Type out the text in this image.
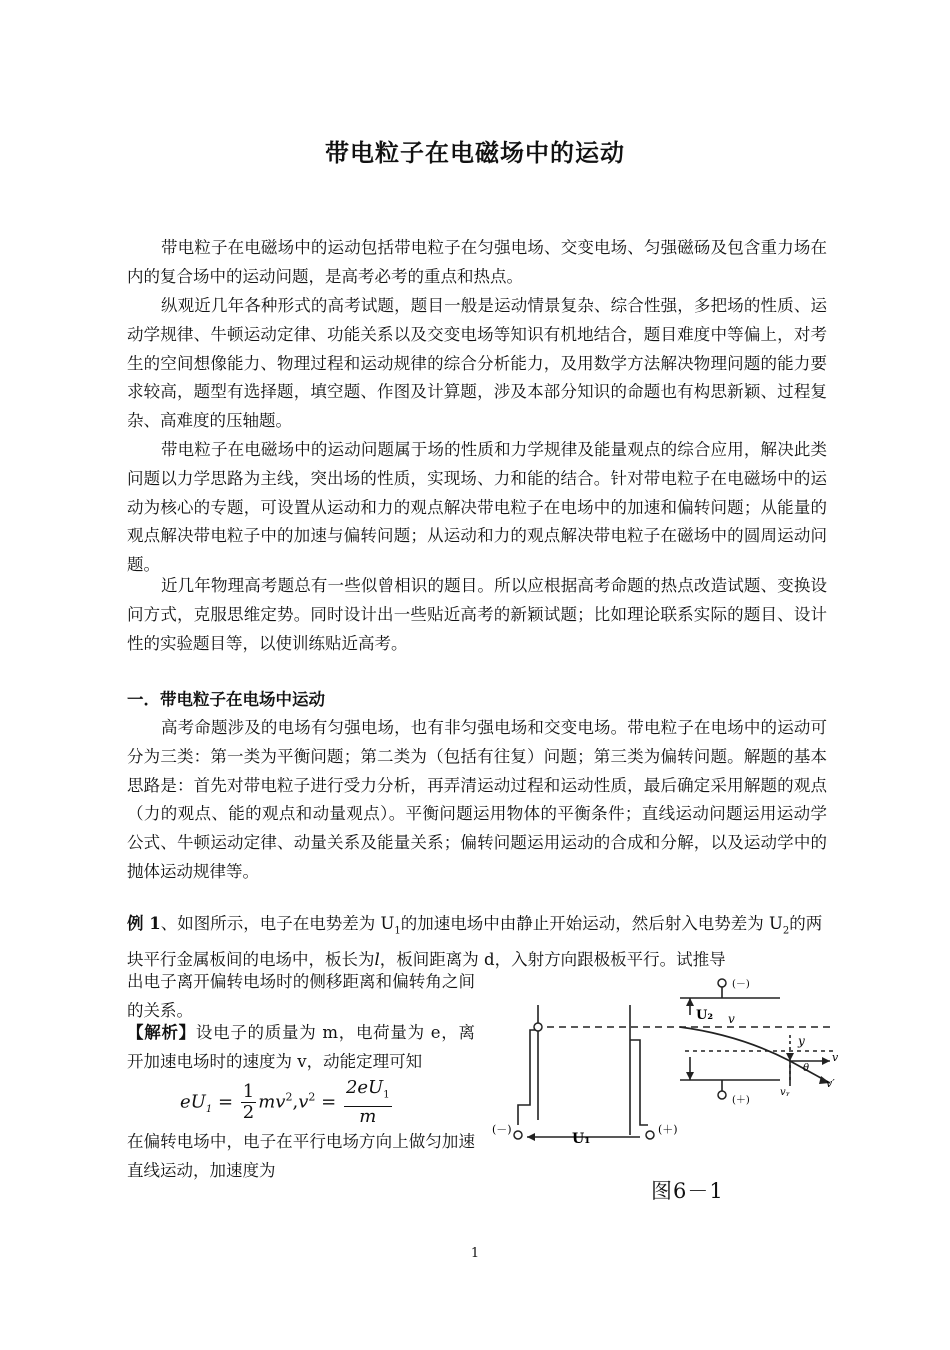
带电粒子在电磁场中的运动

带电粒子在电磁场中的运动包括带电粒子在匀强电场、交变电场、匀强磁砀及包含重力场在内的复合场中的运动问题，是高考必考的重点和热点。

纵观近几年各种形式的高考试题，题目一般是运动情景复杂、综合性强，多把场的性质、运动学规律、牛顿运动定律、功能关系以及交变电场等知识有机地结合，题目难度中等偏上，对考生的空间想像能力、物理过程和运动规律的综合分析能力，及用数学方法解决物理问题的能力要求较高，题型有选择题，填空题、作图及计算题，涉及本部分知识的命题也有构思新颖、过程复杂、高难度的压轴题。

带电粒子在电磁场中的运动问题属于场的性质和力学规律及能量观点的综合应用，解决此类问题以力学思路为主线，突出场的性质，实现场、力和能的结合。针对带电粒子在电磁场中的运动为核心的专题，可设置从运动和力的观点解决带电粒子在电场中的加速和偏转问题；从能量的观点解决带电粒子中的加速与偏转问题；从运动和力的观点解决带电粒子在磁场中的圆周运动问题。

近几年物理高考题总有一些似曾相识的题目。所以应根据高考命题的热点改造试题、变换设问方式，克服思维定势。同时设计出一些贴近高考的新颖试题；比如理论联系实际的题目、设计性的实验题目等，以使训练贴近高考。

一．带电粒子在电场中运动

高考命题涉及的电场有匀强电场，也有非匀强电场和交变电场。带电粒子在电场中的运动可分为三类：第一类为平衡问题；第二类为（包括有往复）问题；第三类为偏转问题。解题的基本思路是：首先对带电粒子进行受力分析，再弄清运动过程和运动性质，最后确定采用解题的观点（力的观点、能的观点和动量观点）。平衡问题运用物体的平衡条件；直线运动问题运用运动学公式、牛顿运动定律、动量关系及能量关系；偏转问题运用运动的合成和分解，以及运动学中的抛体运动规律等。

例 1、如图所示，电子在电势差为 $U_1$的加速电场中由静止开始运动，然后射入电势差为 $U_2$的两块平行金属板间的电场中，板长为l，板间距离为 d，入射方向跟极板平行。试推导

出电子离开偏转电场时的侧移距离和偏转角之间的关系。

【解析】设电子的质量为 m，电荷量为 e，离开加速电场时的速度为 v，动能定理可知

$eU_1 = \frac{1}{2} mv^2,v^2 = \frac{2eU_1}{m}$

在偏转电场中，电子在平行电场方向上做匀加速直线运动，加速度为

(－)
(＋)
(－)	(＋)
U₂
U₁
v
y
θ
v
vᵧ
v′
图6－1
1
